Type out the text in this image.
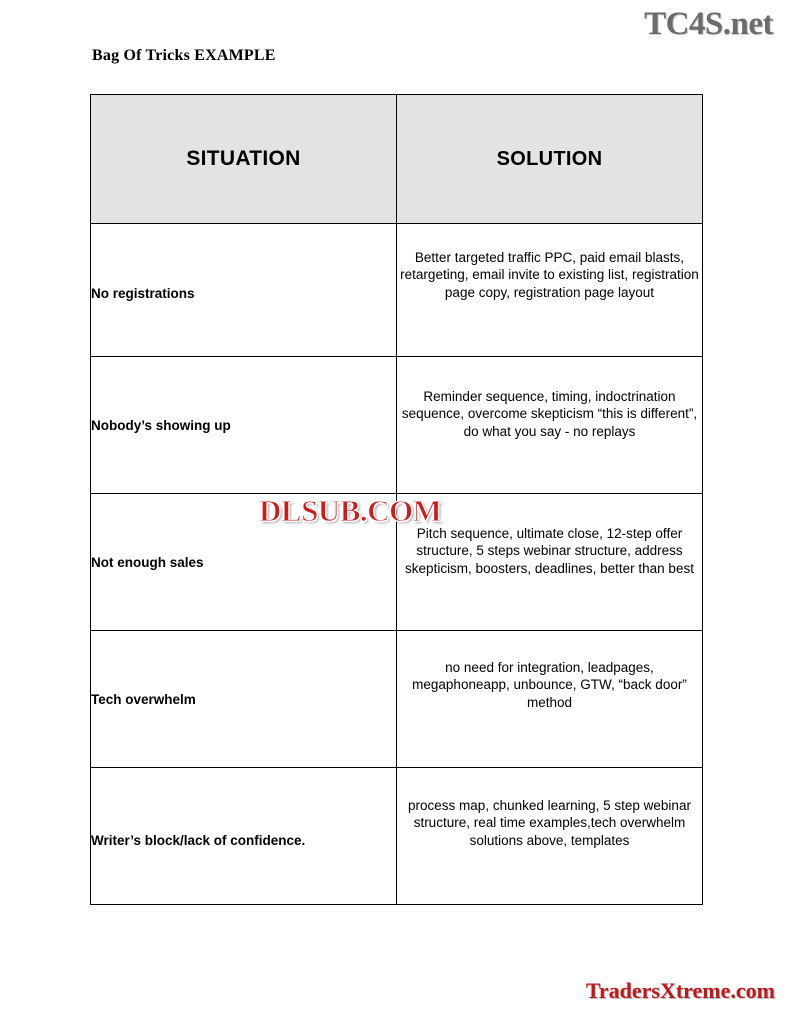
TC4S.net
Bag Of Tricks EXAMPLE
SITUATION	SOLUTION

No registrations	Better targeted traffic PPC, paid email blasts, retargeting, email invite to existing list, registration page copy, registration page layout

Nobody’s showing up	Reminder sequence, timing, indoctrination sequence, overcome skepticism “this is different”, do what you say - no replays

Not enough sales	Pitch sequence, ultimate close, 12-step offer structure, 5 steps webinar structure, address skepticism, boosters, deadlines, better than best

Tech overwhelm	no need for integration, leadpages, megaphoneapp, unbounce, GTW, “back door” method

Writer’s block/lack of confidence.	process map, chunked learning, 5 step webinar structure, real time examples,tech overwhelm solutions above, templates
DLSUB.COM
TradersXtreme.com
